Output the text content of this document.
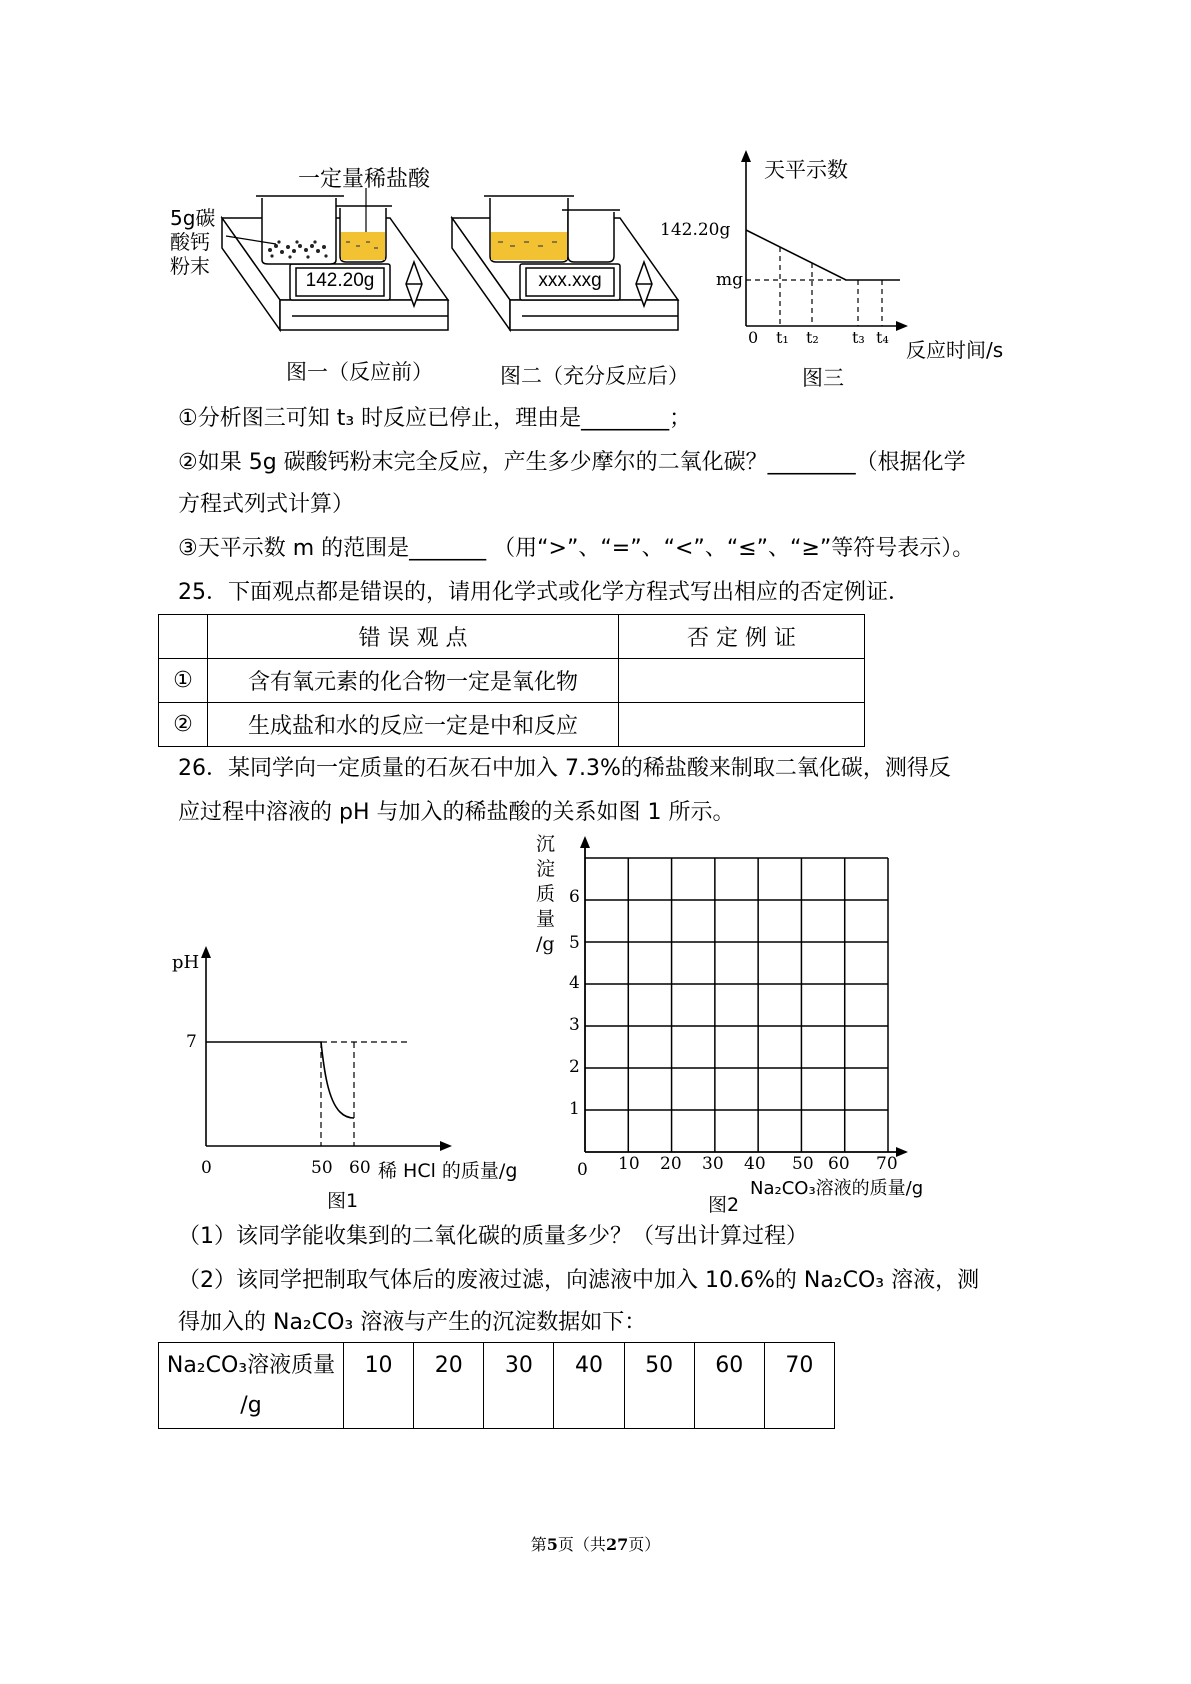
一定量稀盐酸
5g碳
酸钙
粉末
142.20g	xxx.xxg
图一（反应前）	图二（充分反应后）	图三
天平示数
142.20g
mg
0 t₁ t₂ t₃ t₄
反应时间/s
①分析图三可知 t₃ 时反应已停止，理由是________；
②如果 5g 碳酸钙粉末完全反应，产生多少摩尔的二氧化碳？________（根据化学
方程式列式计算）
③天平示数 m 的范围是_______ （用“>”、“=”、“<”、“≤”、“≥”等符号表示）。
25．下面观点都是错误的，请用化学式或化学方程式写出相应的否定例证．
	错 误 观 点	否 定 例 证
①	含有氧元素的化合物一定是氧化物	
②	生成盐和水的反应一定是中和反应	
26．某同学向一定质量的石灰石中加入 7.3%的稀盐酸来制取二氧化碳，测得反
应过程中溶液的 pH 与加入的稀盐酸的关系如图 1 所示。
pH
7
0	50 60 稀 HCl 的质量/g
图1
沉
淀
质
量
/g
1
2
3
4
5
6
10 20 30 40 50 60 70
0
Na₂CO₃溶液的质量/g
图2
（1）该同学能收集到的二氧化碳的质量多少？（写出计算过程）
（2）该同学把制取气体后的废液过滤，向滤液中加入 10.6%的 Na₂CO₃ 溶液，测
得加入的 Na₂CO₃ 溶液与产生的沉淀数据如下：
Na₂CO₃溶液质量
/g
	10	20	30	40	50	60	70
第5页（共27页）
